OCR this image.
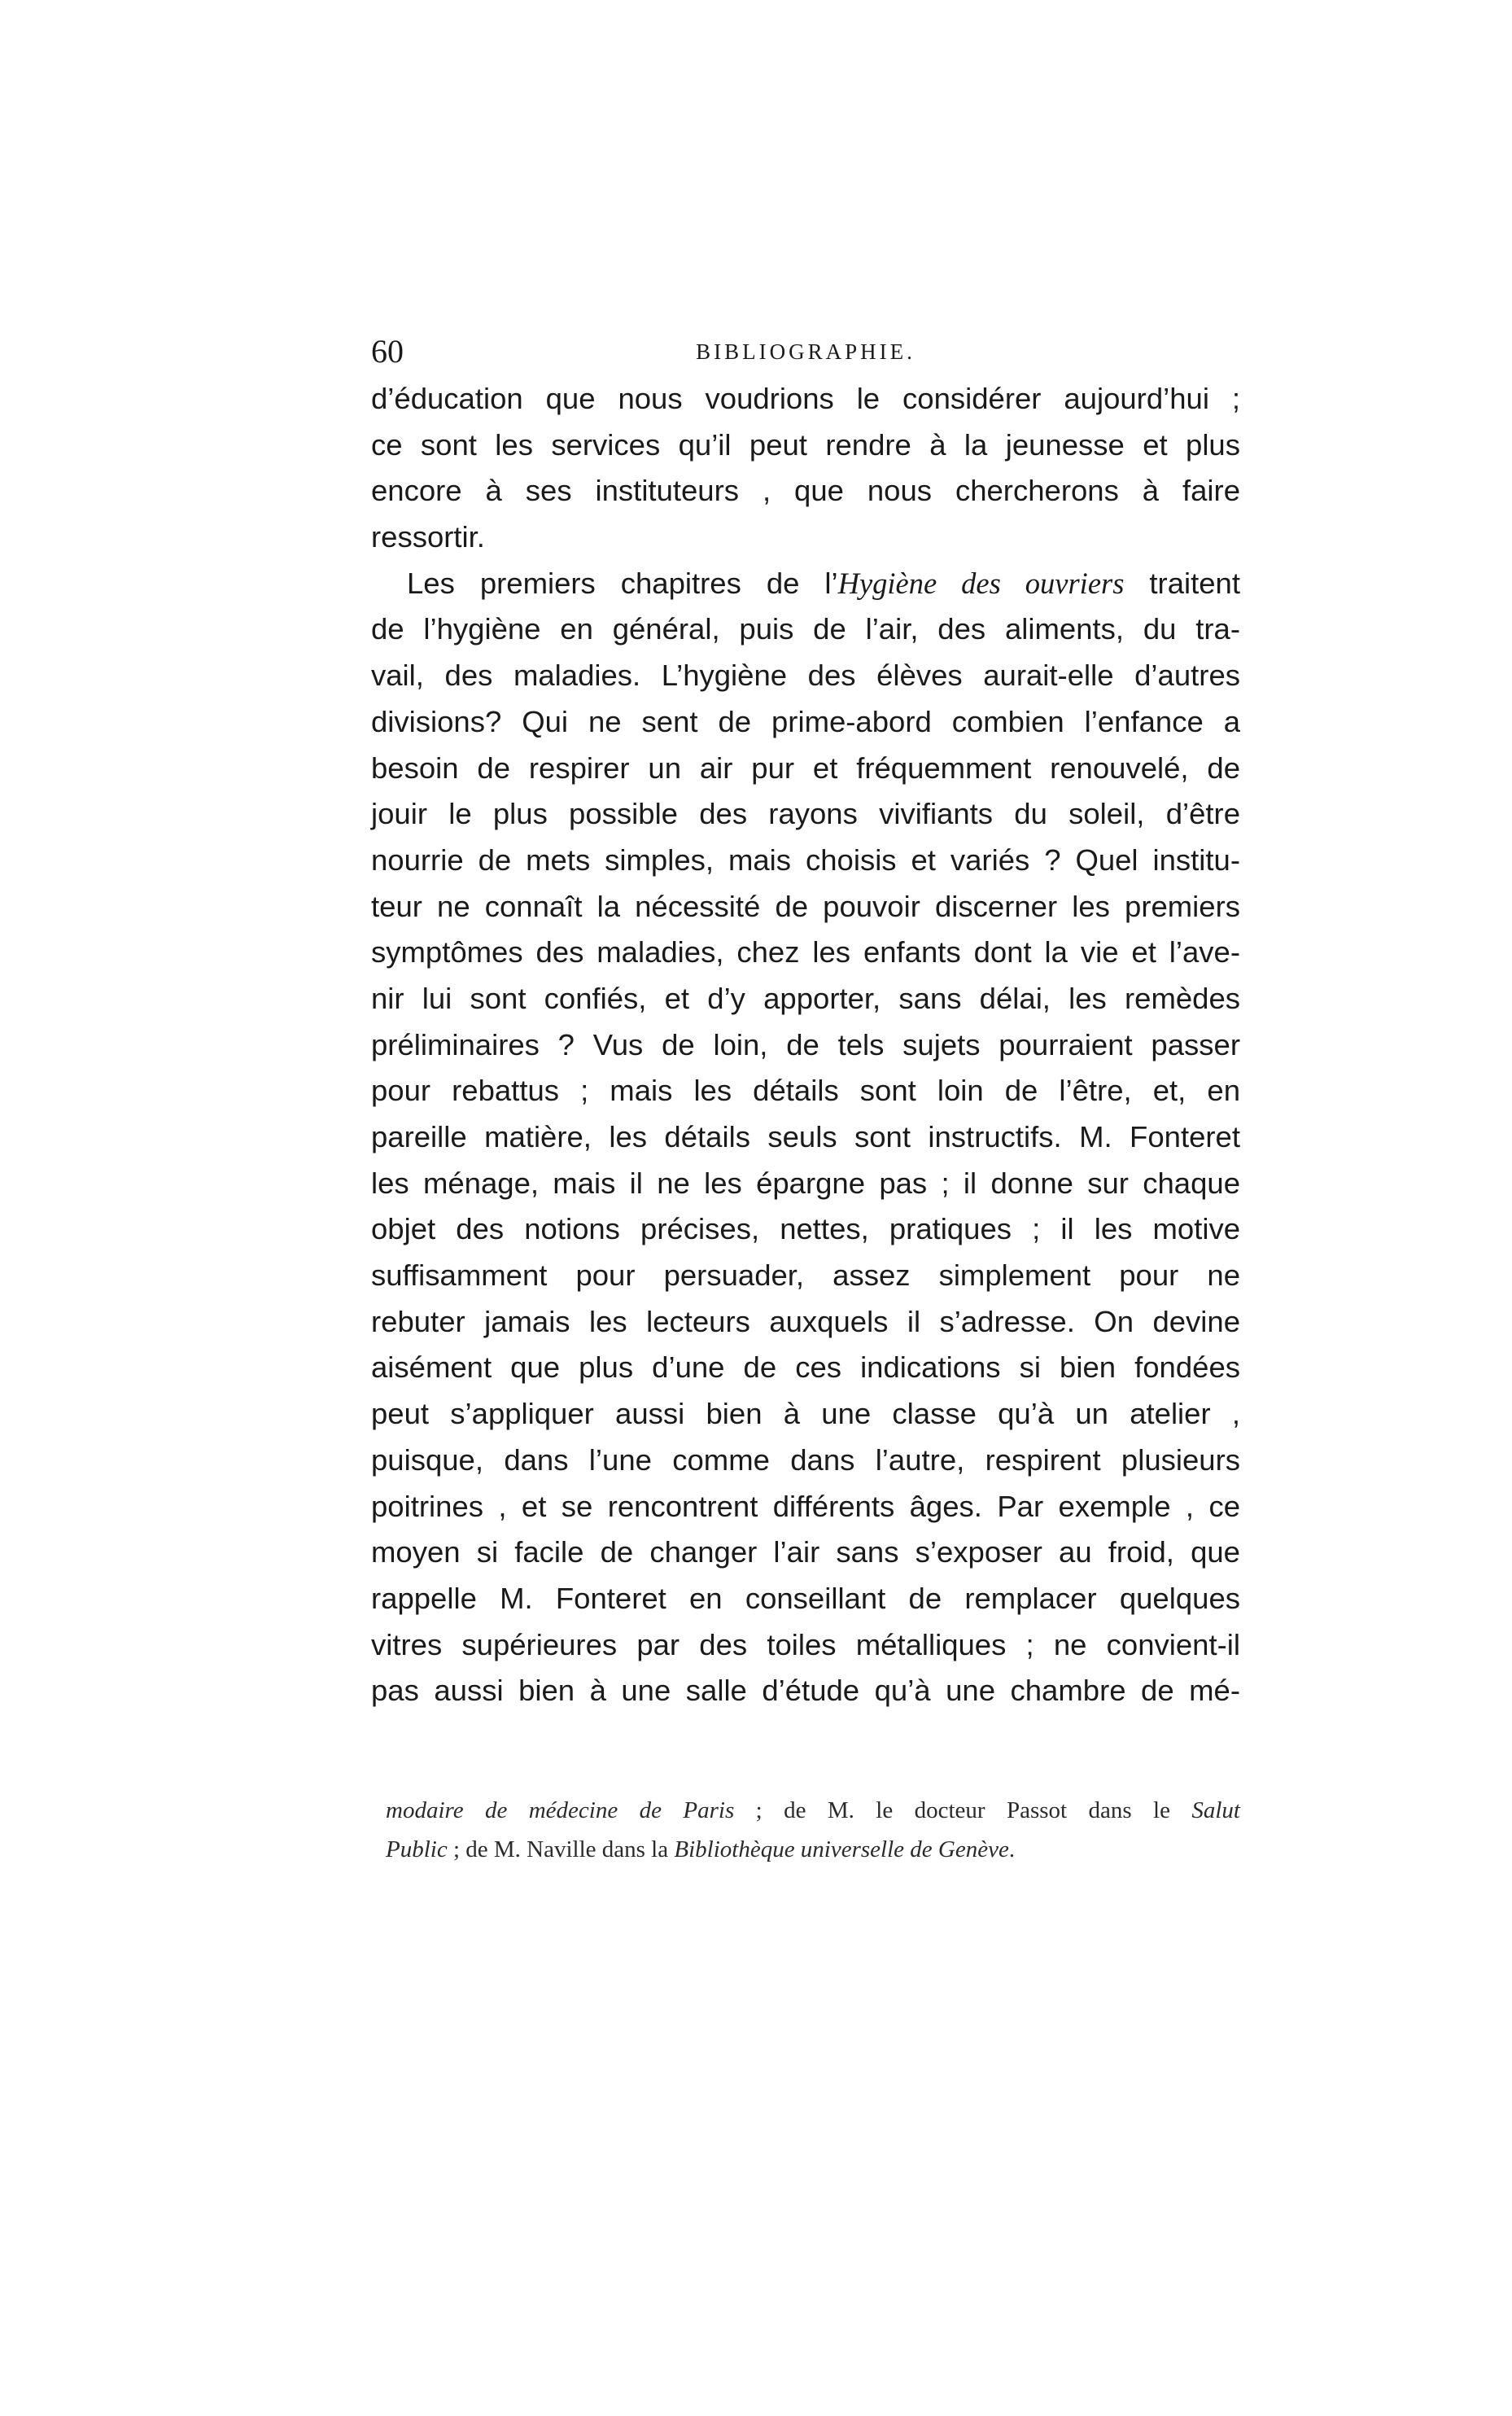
60	BIBLIOGRAPHIE.
d’éducation que nous voudrions le considérer aujourd’hui ;
ce sont les services qu’il peut rendre à la jeunesse et plus
encore à ses instituteurs , que nous chercherons à faire
ressortir.
Les premiers chapitres de l’Hygiène des ouvriers traitent
de l’hygiène en général, puis de l’air, des aliments, du tra-
vail, des maladies. L’hygiène des élèves aurait-elle d’autres
divisions? Qui ne sent de prime-abord combien l’enfance a
besoin de respirer un air pur et fréquemment renouvelé, de
jouir le plus possible des rayons vivifiants du soleil, d’être
nourrie de mets simples, mais choisis et variés ? Quel institu-
teur ne connaît la nécessité de pouvoir discerner les premiers
symptômes des maladies, chez les enfants dont la vie et l’ave-
nir lui sont confiés, et d’y apporter, sans délai, les remèdes
préliminaires ? Vus de loin, de tels sujets pourraient passer
pour rebattus ; mais les détails sont loin de l’être, et, en
pareille matière, les détails seuls sont instructifs. M. Fonteret
les ménage, mais il ne les épargne pas ; il donne sur chaque
objet des notions précises, nettes, pratiques ; il les motive
suffisamment pour persuader, assez simplement pour ne
rebuter jamais les lecteurs auxquels il s’adresse. On devine
aisément que plus d’une de ces indications si bien fondées
peut s’appliquer aussi bien à une classe qu’à un atelier ,
puisque, dans l’une comme dans l’autre, respirent plusieurs
poitrines , et se rencontrent différents âges. Par exemple , ce
moyen si facile de changer l’air sans s’exposer au froid, que
rappelle M. Fonteret en conseillant de remplacer quelques
vitres supérieures par des toiles métalliques ; ne convient-il
pas aussi bien à une salle d’étude qu’à une chambre de mé-
modaire de médecine de Paris ; de M. le docteur Passot dans le Salut
Public ; de M. Naville dans la Bibliothèque universelle de Genève.
